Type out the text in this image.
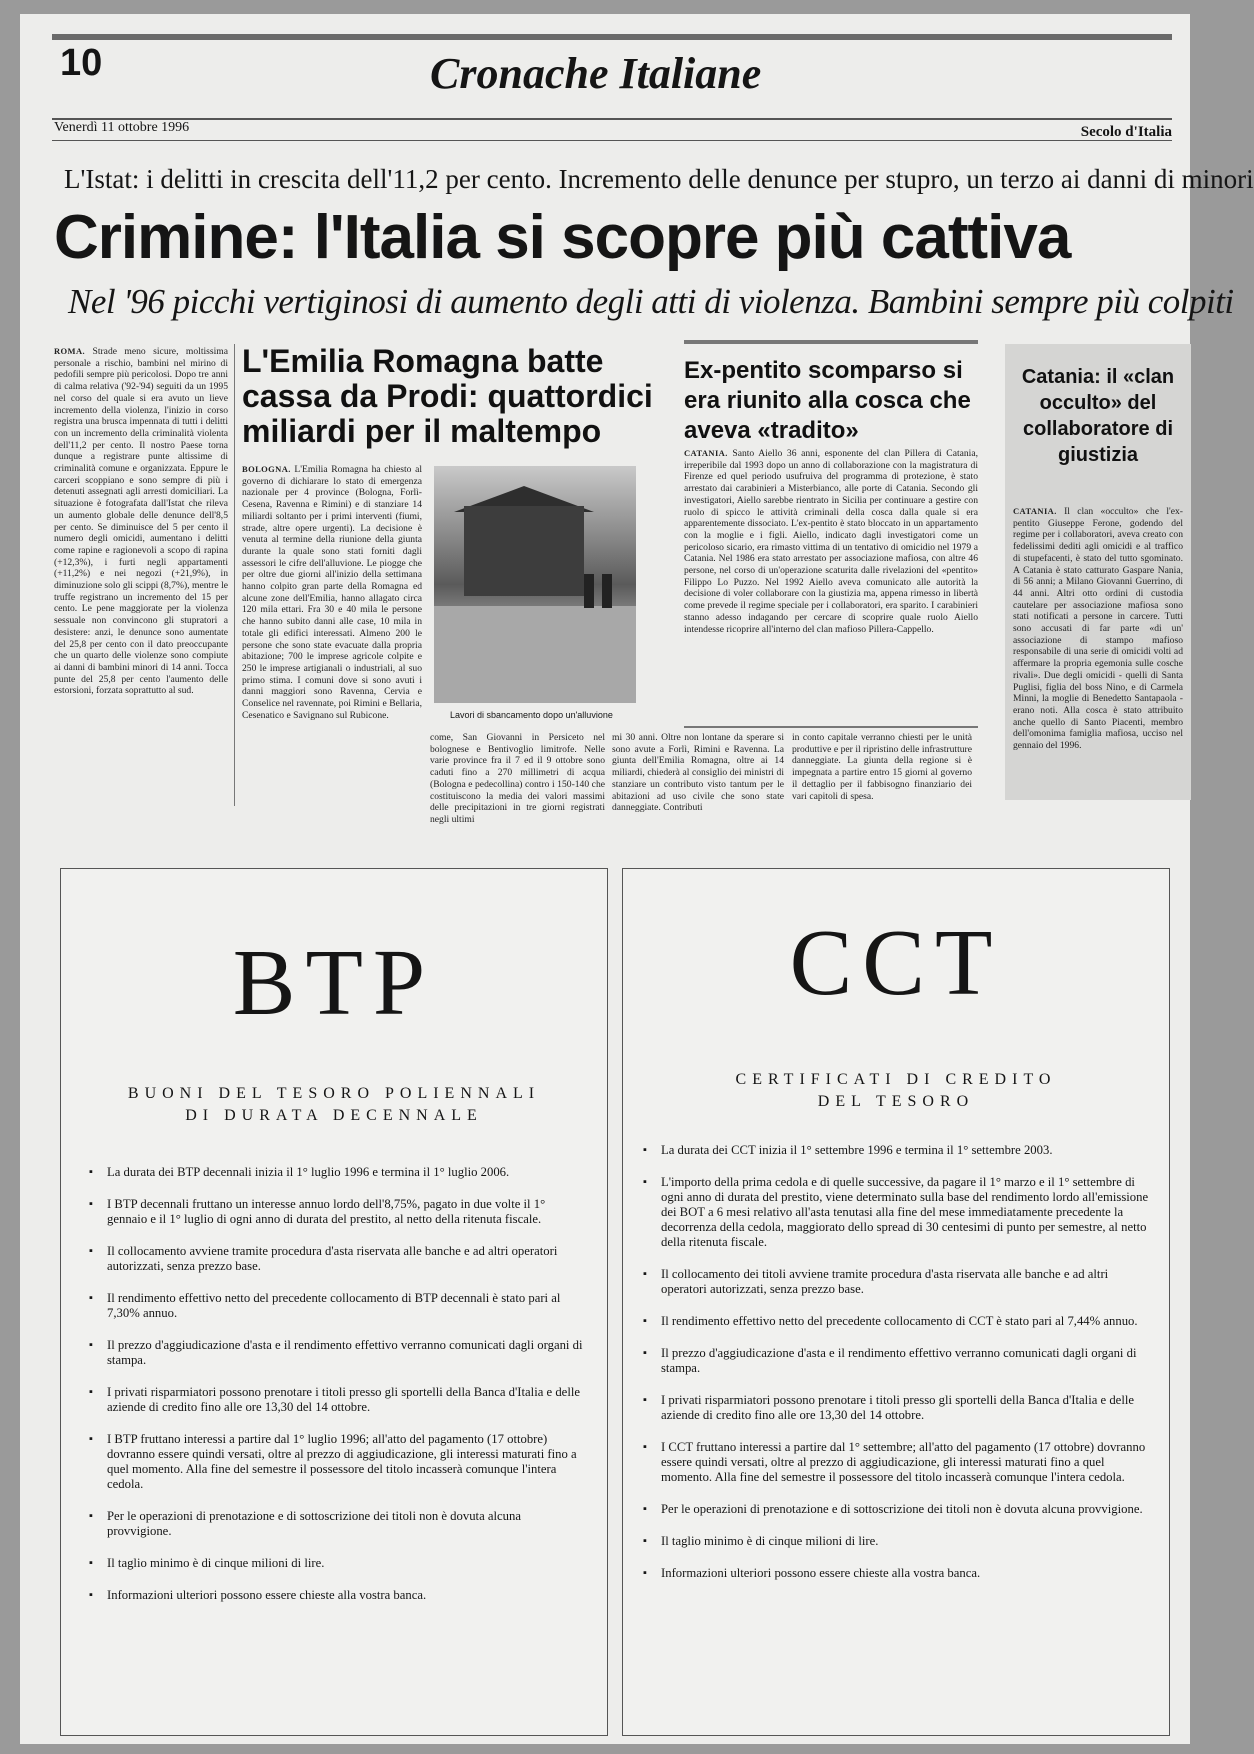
10	Cronache Italiane
Venerdì 11 ottobre 1996	Secolo d'Italia
L'Istat: i delitti in crescita dell'11,2 per cento. Incremento delle denunce per stupro, un terzo ai danni di minori
Crimine: l'Italia si scopre più cattiva
Nel '96 picchi vertiginosi di aumento degli atti di violenza. Bambini sempre più colpiti
ROMA. Strade meno sicure, moltissima personale a rischio, bambini nel mirino di pedofili sempre più pericolosi. Dopo tre anni di calma relativa ('92-'94) seguiti da un 1995 nel corso del quale si era avuto un lieve incremento della violenza, l'inizio in corso registra una brusca impennata di tutti i delitti con un incremento della criminalità violenta dell'11,2 per cento. Il nostro Paese torna dunque a registrare punte altissime di criminalità comune e organizzata. Eppure le carceri scoppiano e sono sempre di più i detenuti assegnati agli arresti domiciliari. La situazione è fotografata dall'Istat che rileva un aumento globale delle denunce dell'8,5 per cento. Se diminuisce del 5 per cento il numero degli omicidi, aumentano i delitti come rapine e ragionevoli a scopo di rapina (+12,3%), i furti negli appartamenti (+11,2%) e nei negozi (+21,9%), in diminuzione solo gli scippi (8,7%), mentre le truffe registrano un incremento del 15 per cento. Le pene maggiorate per la violenza sessuale non convincono gli stupratori a desistere: anzi, le denunce sono aumentate del 25,8 per cento con il dato preoccupante che un quarto delle violenze sono compiute ai danni di bambini minori di 14 anni. Tocca punte del 25,8 per cento l'aumento delle estorsioni, forzata soprattutto al sud.
L'Emilia Romagna batte cassa da Prodi: quattordici miliardi per il maltempo
BOLOGNA. L'Emilia Romagna ha chiesto al governo di dichiarare lo stato di emergenza nazionale per 4 province (Bologna, Forlì-Cesena, Ravenna e Rimini) e di stanziare 14 miliardi soltanto per i primi interventi (fiumi, strade, altre opere urgenti). La decisione è venuta al termine della riunione della giunta durante la quale sono stati forniti dagli assessori le cifre dell'alluvione. Le piogge che per oltre due giorni all'inizio della settimana hanno colpito gran parte della Romagna ed alcune zone dell'Emilia, hanno allagato circa 120 mila ettari. Fra 30 e 40 mila le persone che hanno subito danni alle case, 10 mila in totale gli edifici interessati. Almeno 200 le persone che sono state evacuate dalla propria abitazione; 700 le imprese agricole colpite e 250 le imprese artigianali o industriali, al suo primo stima. I comuni dove si sono avuti i danni maggiori sono Ravenna, Cervia e Conselice nel ravennate, poi Rimini e Bellaria, Cesenatico e Savignano sul Rubicone.	Lavori di sbancamento dopo un'alluvione
come, San Giovanni in Persiceto nel bolognese e Bentivoglio limitrofe. Nelle varie province fra il 7 ed il 9 ottobre sono caduti fino a 270 millimetri di acqua (Bologna e pedecollina) contro i 150-140 che costituiscono la media dei valori massimi delle precipitazioni in tre giorni registrati negli ultimi
mi 30 anni. Oltre non lontane da sperare si sono avute a Forlì, Rimini e Ravenna. La giunta dell'Emilia Romagna, oltre ai 14 miliardi, chiederà al consiglio dei ministri di stanziare un contributo visto tantum per le abitazioni ad uso civile che sono state danneggiate. Contributi
in conto capitale verranno chiesti per le unità produttive e per il ripristino delle infrastrutture danneggiate. La giunta della regione si è impegnata a partire entro 15 giorni al governo il dettaglio per il fabbisogno finanziario dei vari capitoli di spesa.
Ex-pentito scomparso si era riunito alla cosca che aveva «tradito»
CATANIA. Santo Aiello 36 anni, esponente del clan Pillera di Catania, irreperibile dal 1993 dopo un anno di collaborazione con la magistratura di Firenze ed quel periodo usufruiva del programma di protezione, è stato arrestato dai carabinieri a Misterbianco, alle porte di Catania. Secondo gli investigatori, Aiello sarebbe rientrato in Sicilia per continuare a gestire con ruolo di spicco le attività criminali della cosca dalla quale si era apparentemente dissociato. L'ex-pentito è stato bloccato in un appartamento con la moglie e i figli. Aiello, indicato dagli investigatori come un pericoloso sicario, era rimasto vittima di un tentativo di omicidio nel 1979 a Catania. Nel 1986 era stato arrestato per associazione mafiosa, con altre 46 persone, nel corso di un'operazione scaturita dalle rivelazioni del «pentito» Filippo Lo Puzzo. Nel 1992 Aiello aveva comunicato alle autorità la decisione di voler collaborare con la giustizia ma, appena rimesso in libertà come prevede il regime speciale per i collaboratori, era sparito. I carabinieri stanno adesso indagando per cercare di scoprire quale ruolo Aiello intendesse ricoprire all'interno del clan mafioso Pillera-Cappello.
Catania: il «clan occulto» del collaboratore di giustizia
CATANIA. Il clan «occulto» che l'ex-pentito Giuseppe Ferone, godendo del regime per i collaboratori, aveva creato con fedelissimi dediti agli omicidi e al traffico di stupefacenti, è stato del tutto sgominato. A Catania è stato catturato Gaspare Nania, di 56 anni; a Milano Giovanni Guerrino, di 44 anni. Altri otto ordini di custodia cautelare per associazione mafiosa sono stati notificati a persone in carcere. Tutti sono accusati di far parte «di un' associazione di stampo mafioso responsabile di una serie di omicidi volti ad affermare la propria egemonia sulle cosche rivali». Due degli omicidi - quelli di Santa Puglisi, figlia del boss Nino, e di Carmela Minni, la moglie di Benedetto Santapaola - erano noti. Alla cosca è stato attribuito anche quello di Santo Piacenti, membro dell'omonima famiglia mafiosa, ucciso nel gennaio del 1996.
BTP
BUONI DEL TESORO POLIENNALI
DI DURATA DECENNALE
▪ La durata dei BTP decennali inizia il 1° luglio 1996 e termina il 1° luglio 2006.
▪ I BTP decennali fruttano un interesse annuo lordo dell'8,75%, pagato in due volte il 1° gennaio e il 1° luglio di ogni anno di durata del prestito, al netto della ritenuta fiscale.
▪ Il collocamento avviene tramite procedura d'asta riservata alle banche e ad altri operatori autorizzati, senza prezzo base.
▪ Il rendimento effettivo netto del precedente collocamento di BTP decennali è stato pari al 7,30% annuo.
▪ Il prezzo d'aggiudicazione d'asta e il rendimento effettivo verranno comunicati dagli organi di stampa.
▪ I privati risparmiatori possono prenotare i titoli presso gli sportelli della Banca d'Italia e delle aziende di credito fino alle ore 13,30 del 14 ottobre.
▪ I BTP fruttano interessi a partire dal 1° luglio 1996; all'atto del pagamento (17 ottobre) dovranno essere quindi versati, oltre al prezzo di aggiudicazione, gli interessi maturati fino a quel momento. Alla fine del semestre il possessore del titolo incasserà comunque l'intera cedola.
▪ Per le operazioni di prenotazione e di sottoscrizione dei titoli non è dovuta alcuna provvigione.
▪ Il taglio minimo è di cinque milioni di lire.
▪ Informazioni ulteriori possono essere chieste alla vostra banca.
CCT
CERTIFICATI DI CREDITO
DEL TESORO
▪ La durata dei CCT inizia il 1° settembre 1996 e termina il 1° settembre 2003.
▪ L'importo della prima cedola e di quelle successive, da pagare il 1° marzo e il 1° settembre di ogni anno di durata del prestito, viene determinato sulla base del rendimento lordo all'emissione dei BOT a 6 mesi relativo all'asta tenutasi alla fine del mese immediatamente precedente la decorrenza della cedola, maggiorato dello spread di 30 centesimi di punto per semestre, al netto della ritenuta fiscale.
▪ Il collocamento dei titoli avviene tramite procedura d'asta riservata alle banche e ad altri operatori autorizzati, senza prezzo base.
▪ Il rendimento effettivo netto del precedente collocamento di CCT è stato pari al 7,44% annuo.
▪ Il prezzo d'aggiudicazione d'asta e il rendimento effettivo verranno comunicati dagli organi di stampa.
▪ I privati risparmiatori possono prenotare i titoli presso gli sportelli della Banca d'Italia e delle aziende di credito fino alle ore 13,30 del 14 ottobre.
▪ I CCT fruttano interessi a partire dal 1° settembre; all'atto del pagamento (17 ottobre) dovranno essere quindi versati, oltre al prezzo di aggiudicazione, gli interessi maturati fino a quel momento. Alla fine del semestre il possessore del titolo incasserà comunque l'intera cedola.
▪ Per le operazioni di prenotazione e di sottoscrizione dei titoli non è dovuta alcuna provvigione.
▪ Il taglio minimo è di cinque milioni di lire.
▪ Informazioni ulteriori possono essere chieste alla vostra banca.
